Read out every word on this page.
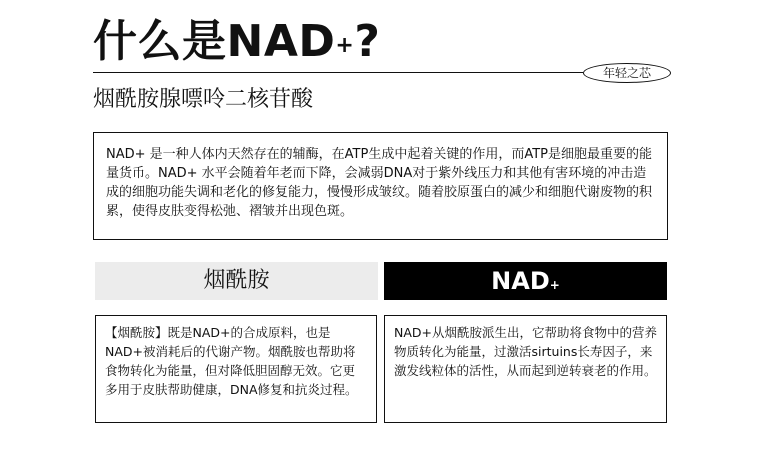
什么是NAD+?
年轻之芯
烟酰胺腺嘌呤二核苷酸
NAD+ 是一种人体内天然存在的辅酶，在ATP生成中起着关键的作用，而ATP是细胞最重要的能量货币。NAD+ 水平会随着年老而下降，会减弱DNA对于紫外线压力和其他有害环境的冲击造成的细胞功能失调和老化的修复能力，慢慢形成皱纹。随着胶原蛋白的减少和细胞代谢废物的积累，使得皮肤变得松弛、褶皱并出现色斑。
烟酰胺	NAD+
【烟酰胺】既是NAD+的合成原料，也是NAD+被消耗后的代谢产物。烟酰胺也帮助将食物转化为能量，但对降低胆固醇无效。它更多用于皮肤帮助健康，DNA修复和抗炎过程。
NAD+从烟酰胺派生出，它帮助将食物中的营养物质转化为能量，过激活sirtuins长寿因子，来激发线粒体的活性，从而起到逆转衰老的作用。
